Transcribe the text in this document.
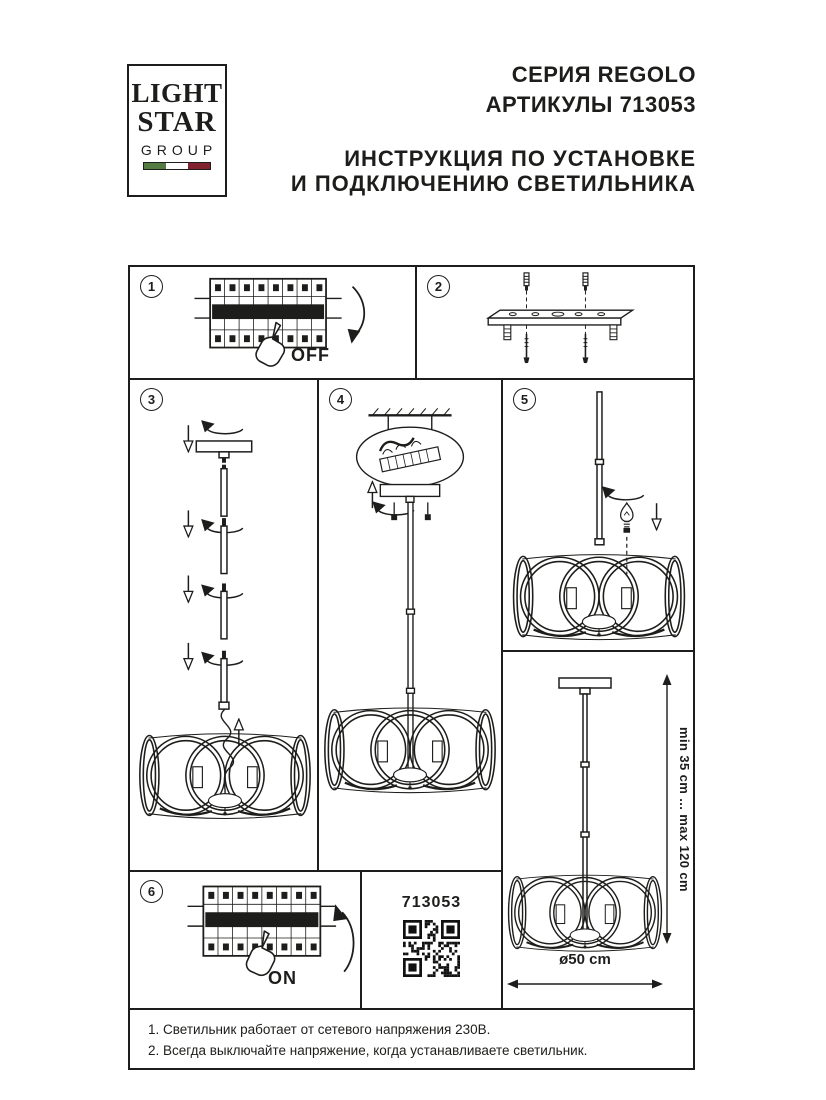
LIGHT
STAR
GROUP
СЕРИЯ REGOLO
АРТИКУЛЫ 713053
ИНСТРУКЦИЯ ПО УСТАНОВКЕ
И ПОДКЛЮЧЕНИЮ СВЕТИЛЬНИКА
1
OFF
2
3	4	5
6
ON
713053
min 35 cm ... max 120 cm
ø50 cm
1. Светильник работает от сетевого напряжения 230В.
2. Всегда выключайте напряжение, когда устанавливаете светильник.
